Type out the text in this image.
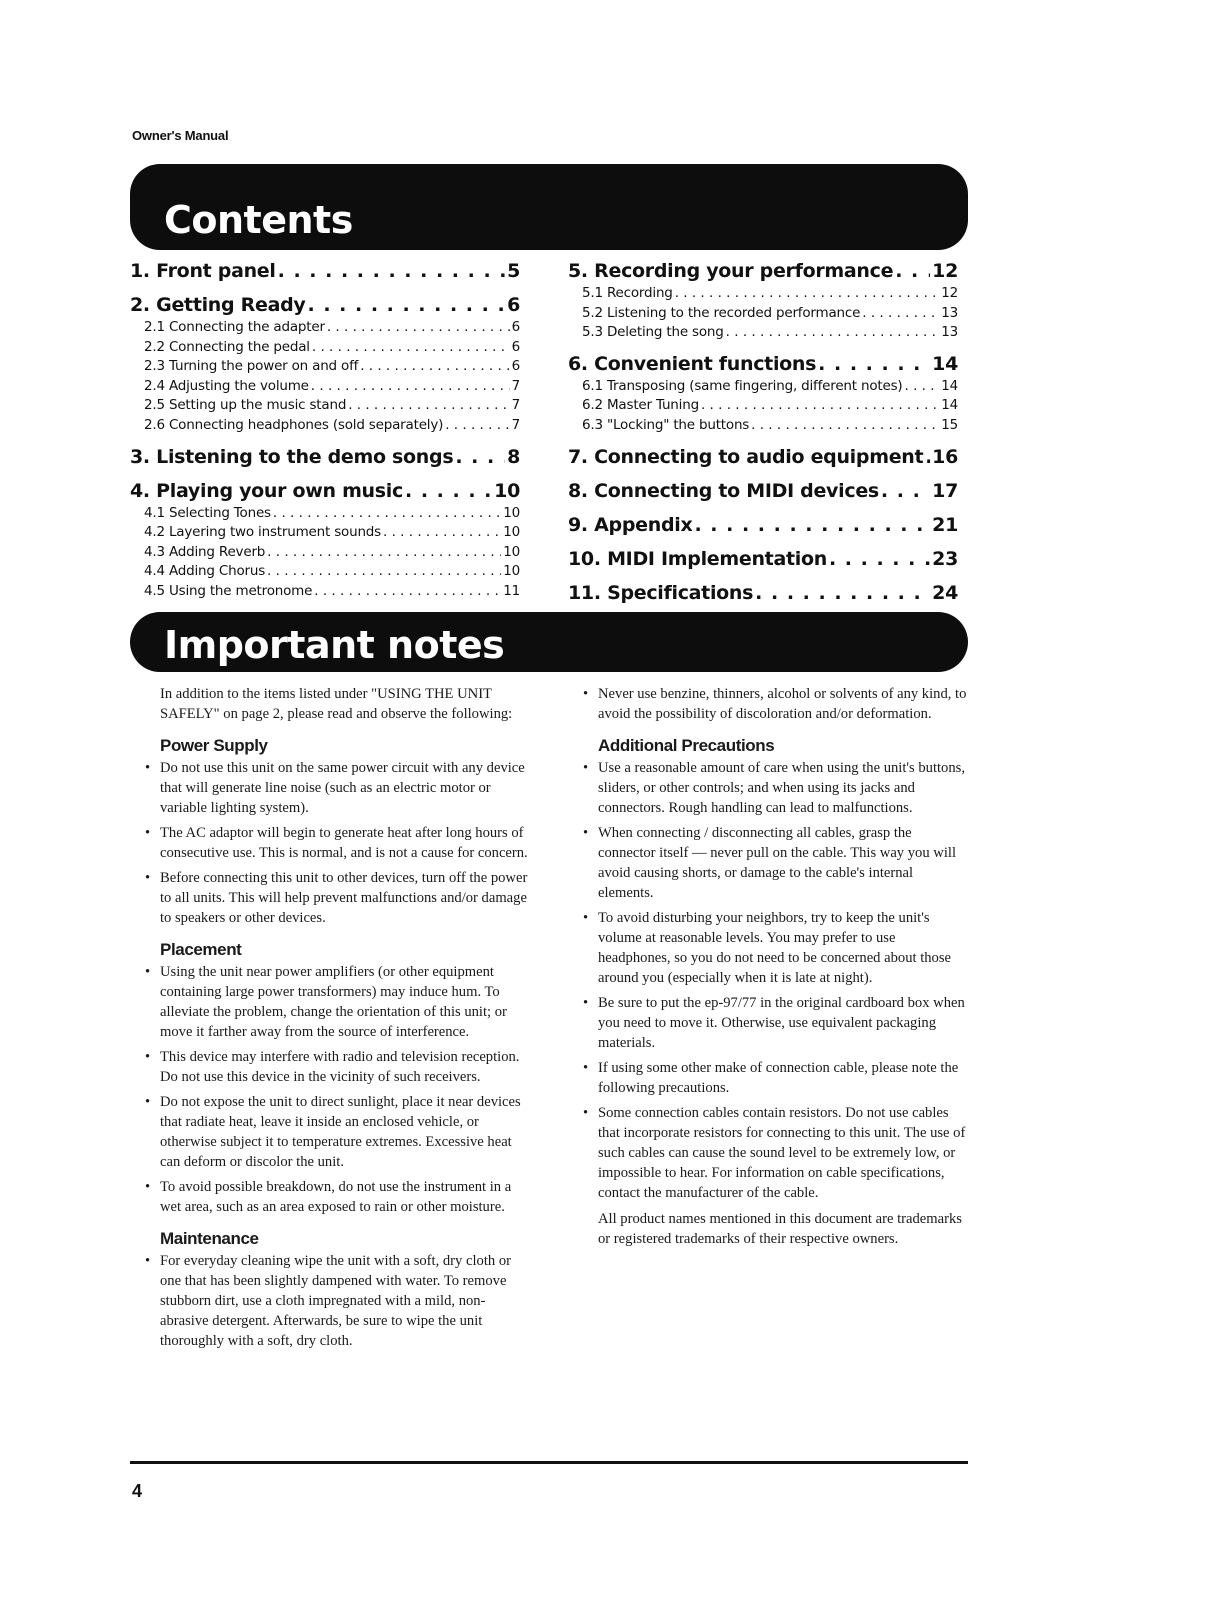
Owner's Manual
Contents
1. Front panel . . .	5
2. Getting Ready . . .	6
2.1 Connecting the adapter . . .	6
2.2 Connecting the pedal . . .	6
2.3 Turning the power on and off . . .	6
2.4 Adjusting the volume . . .	7
2.5 Setting up the music stand . . .	7
2.6 Connecting headphones (sold separately) . . .	7
3. Listening to the demo songs . . .	8
4. Playing your own music . . .	10
4.1 Selecting Tones . . .	10
4.2 Layering two instrument sounds . . .	10
4.3 Adding Reverb . . .	10
4.4 Adding Chorus . . .	10
4.5 Using the metronome . . .	11
5. Recording your performance . . . 12
5.1 Recording . . .	12
5.2 Listening to the recorded performance . . .	13
5.3 Deleting the song . . .	13
6. Convenient functions . . .	14
6.1 Transposing (same fingering, different notes) . . .	14
6.2 Master Tuning . . .	14
6.3 "Locking" the buttons . . .	15
7. Connecting to audio equipment . . . 16
8. Connecting to MIDI devices . . .	17
9. Appendix . . .	21
10. MIDI Implementation . . .	23
11. Specifications . . .	24
Important notes

In addition to the items listed under "USING THE UNIT SAFELY" on page 2, please read and observe the following:

Power Supply
• Do not use this unit on the same power circuit with any device that will generate line noise (such as an electric motor or variable lighting system).
• The AC adaptor will begin to generate heat after long hours of consecutive use. This is normal, and is not a cause for concern.
• Before connecting this unit to other devices, turn off the power to all units. This will help prevent malfunctions and/or damage to speakers or other devices.
Placement
• Using the unit near power amplifiers (or other equipment containing large power transformers) may induce hum. To alleviate the problem, change the orientation of this unit; or move it farther away from the source of interference.
• This device may interfere with radio and television reception. Do not use this device in the vicinity of such receivers.
• Do not expose the unit to direct sunlight, place it near devices that radiate heat, leave it inside an enclosed vehicle, or otherwise subject it to temperature extremes. Excessive heat can deform or discolor the unit.
• To avoid possible breakdown, do not use the instrument in a wet area, such as an area exposed to rain or other moisture.
Maintenance
• For everyday cleaning wipe the unit with a soft, dry cloth or one that has been slightly dampened with water. To remove stubborn dirt, use a cloth impregnated with a mild, non-abrasive detergent. Afterwards, be sure to wipe the unit thoroughly with a soft, dry cloth.
• Never use benzine, thinners, alcohol or solvents of any kind, to avoid the possibility of discoloration and/or deformation.
Additional Precautions
• Use a reasonable amount of care when using the unit's buttons, sliders, or other controls; and when using its jacks and connectors. Rough handling can lead to malfunctions.
• When connecting / disconnecting all cables, grasp the connector itself — never pull on the cable. This way you will avoid causing shorts, or damage to the cable's internal elements.
• To avoid disturbing your neighbors, try to keep the unit's volume at reasonable levels. You may prefer to use headphones, so you do not need to be concerned about those around you (especially when it is late at night).
• Be sure to put the ep-97/77 in the original cardboard box when you need to move it. Otherwise, use equivalent packaging materials.
• If using some other make of connection cable, please note the following precautions.
• Some connection cables contain resistors. Do not use cables that incorporate resistors for connecting to this unit. The use of such cables can cause the sound level to be extremely low, or impossible to hear. For information on cable specifications, contact the manufacturer of the cable.

All product names mentioned in this document are trademarks or registered trademarks of their respective owners.

4
